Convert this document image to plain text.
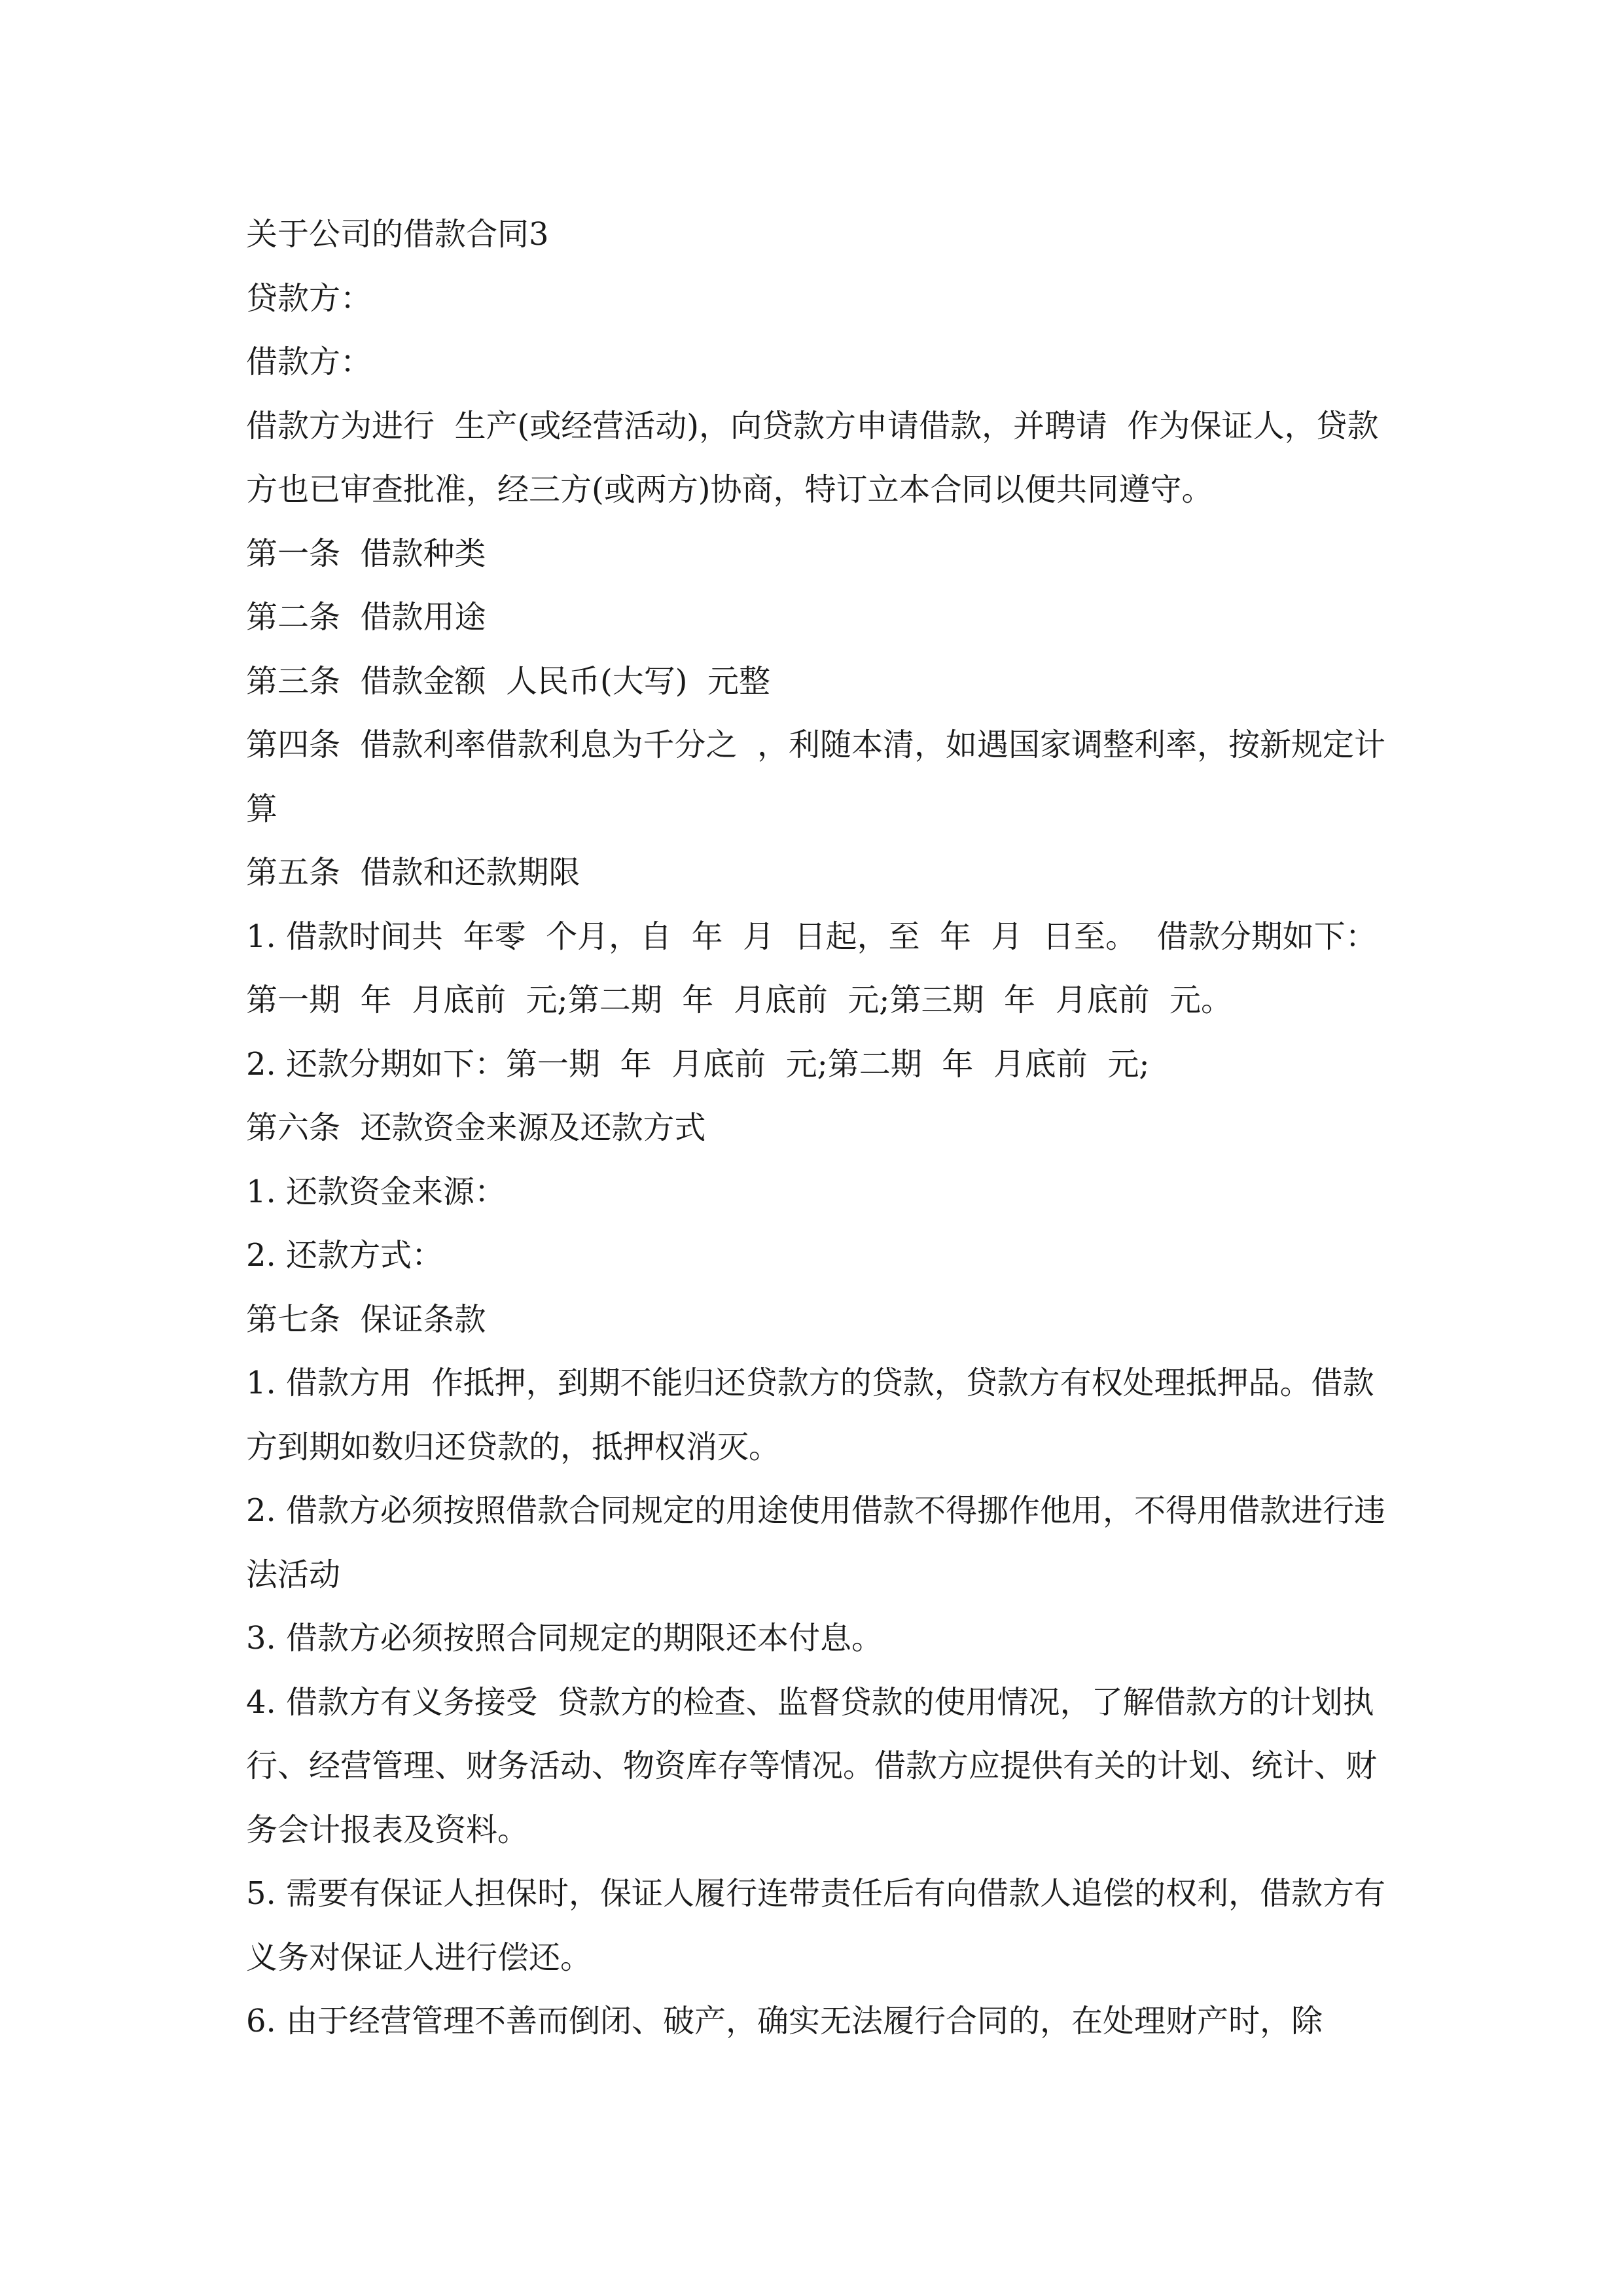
关于公司的借款合同3

贷款方：

借款方：

借款方为进行  生产(或经营活动)，向贷款方申请借款，并聘请  作为保证人，贷款方也已审查批准，经三方(或两方)协商，特订立本合同以便共同遵守。

第一条  借款种类

第二条  借款用途

第三条  借款金额  人民币(大写)  元整

第四条  借款利率借款利息为千分之  ，利随本清，如遇国家调整利率，按新规定计算

第五条  借款和还款期限

1. 借款时间共  年零  个月，自  年  月  日起，至  年  月  日至。  借款分期如下：

第一期  年  月底前  元;第二期  年  月底前  元;第三期  年  月底前  元。

2. 还款分期如下：第一期  年  月底前  元;第二期  年  月底前  元;

第六条  还款资金来源及还款方式

1. 还款资金来源：

2. 还款方式：

第七条  保证条款

1. 借款方用  作抵押，到期不能归还贷款方的贷款，贷款方有权处理抵押品。借款方到期如数归还贷款的，抵押权消灭。

2. 借款方必须按照借款合同规定的用途使用借款不得挪作他用，不得用借款进行违法活动

3. 借款方必须按照合同规定的期限还本付息。

4. 借款方有义务接受  贷款方的检查、监督贷款的使用情况，了解借款方的计划执行、经营管理、财务活动、物资库存等情况。借款方应提供有关的计划、统计、财务会计报表及资料。

5. 需要有保证人担保时，保证人履行连带责任后有向借款人追偿的权利，借款方有义务对保证人进行偿还。

6. 由于经营管理不善而倒闭、破产，确实无法履行合同的，在处理财产时，除
